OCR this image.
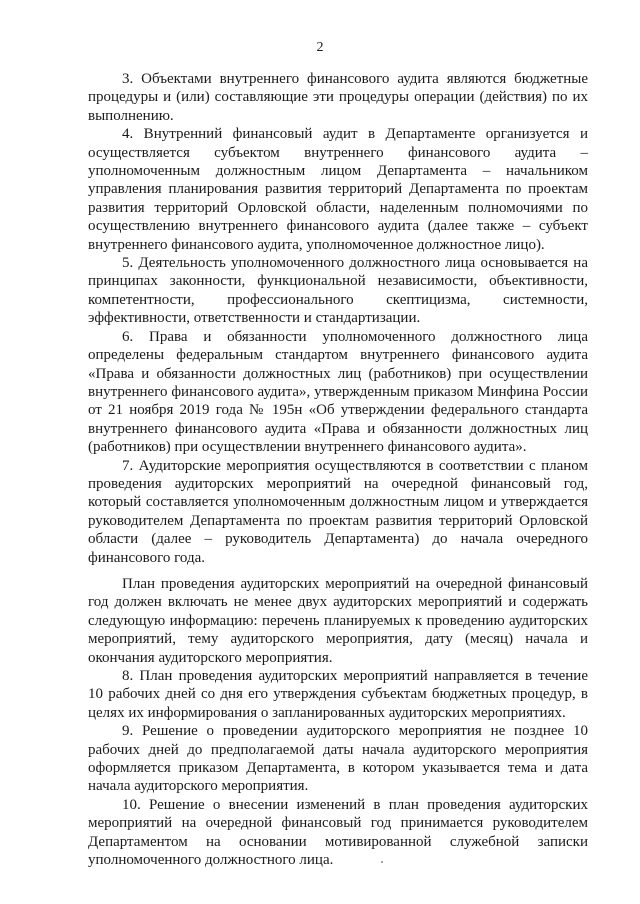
2

3. Объектами внутреннего финансового аудита являются бюджетные процедуры и (или) составляющие эти процедуры операции (действия) по их выполнению.

4. Внутренний финансовый аудит в Департаменте организуется и осуществляется субъектом внутреннего финансового аудита – уполномоченным должностным лицом Департамента – начальником управления планирования развития территорий Департамента по проектам развития территорий Орловской области, наделенным полномочиями по осуществлению внутреннего финансового аудита (далее также – субъект внутреннего финансового аудита, уполномоченное должностное лицо).

5. Деятельность уполномоченного должностного лица основывается на принципах законности, функциональной независимости, объективности, компетентности, профессионального скептицизма, системности, эффективности, ответственности и стандартизации.

6. Права и обязанности уполномоченного должностного лица определены федеральным стандартом внутреннего финансового аудита «Права и обязанности должностных лиц (работников) при осуществлении внутреннего финансового аудита», утвержденным приказом Минфина России от 21 ноября 2019 года № 195н «Об утверждении федерального стандарта внутреннего финансового аудита «Права и обязанности должностных лиц (работников) при осуществлении внутреннего финансового аудита».

7. Аудиторские мероприятия осуществляются в соответствии с планом проведения аудиторских мероприятий на очередной финансовый год, который составляется уполномоченным должностным лицом и утверждается руководителем Департамента по проектам развития территорий Орловской области (далее – руководитель Департамента) до начала очередного финансового года.

План проведения аудиторских мероприятий на очередной финансовый год должен включать не менее двух аудиторских мероприятий и содержать следующую информацию: перечень планируемых к проведению аудиторских мероприятий, тему аудиторского мероприятия, дату (месяц) начала и окончания аудиторского мероприятия.

8. План проведения аудиторских мероприятий направляется в течение 10 рабочих дней со дня его утверждения субъектам бюджетных процедур, в целях их информирования о запланированных аудиторских мероприятиях.

9. Решение о проведении аудиторского мероприятия не позднее 10 рабочих дней до предполагаемой даты начала аудиторского мероприятия оформляется приказом Департамента, в котором указывается тема и дата начала аудиторского мероприятия.

10. Решение о внесении изменений в план проведения аудиторских мероприятий на очередной финансовый год принимается руководителем Департаментом на основании мотивированной служебной записки уполномоченного должностного лица.
